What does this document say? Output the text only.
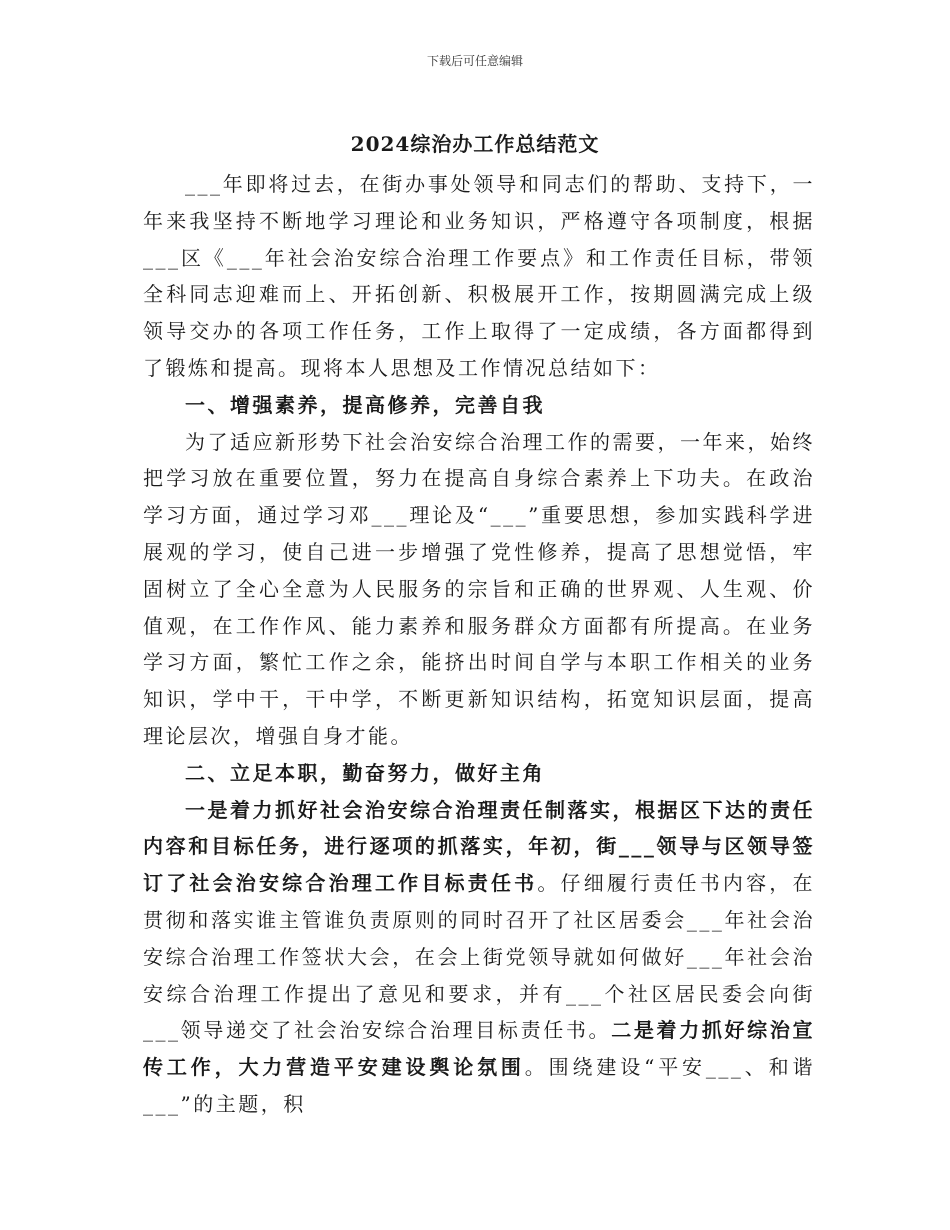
下载后可任意编辑
2024综治办工作总结范文

___年即将过去，在街办事处领导和同志们的帮助、支持下，一年来我坚持不断地学习理论和业务知识，严格遵守各项制度，根据___区《___年社会治安综合治理工作要点》和工作责任目标，带领全科同志迎难而上、开拓创新、积极展开工作，按期圆满完成上级领导交办的各项工作任务，工作上取得了一定成绩，各方面都得到了锻炼和提高。现将本人思想及工作情况总结如下：

一、增强素养，提高修养，完善自我

为了适应新形势下社会治安综合治理工作的需要，一年来，始终把学习放在重要位置，努力在提高自身综合素养上下功夫。在政治学习方面，通过学习邓___理论及“___”重要思想，参加实践科学进展观的学习，使自己进一步增强了党性修养，提高了思想觉悟，牢固树立了全心全意为人民服务的宗旨和正确的世界观、人生观、价值观，在工作作风、能力素养和服务群众方面都有所提高。在业务学习方面，繁忙工作之余，能挤出时间自学与本职工作相关的业务知识，学中干，干中学，不断更新知识结构，拓宽知识层面，提高理论层次，增强自身才能。

二、立足本职，勤奋努力，做好主角

一是着力抓好社会治安综合治理责任制落实，根据区下达的责任内容和目标任务，进行逐项的抓落实，年初，街___领导与区领导签订了社会治安综合治理工作目标责任书。仔细履行责任书内容，在贯彻和落实谁主管谁负责原则的同时召开了社区居委会___年社会治安综合治理工作签状大会，在会上街党领导就如何做好___年社会治安综合治理工作提出了意见和要求，并有___个社区居民委会向街___领导递交了社会治安综合治理目标责任书。二是着力抓好综治宣传工作，大力营造平安建设舆论氛围。围绕建设“平安___、和谐___”的主题，积
